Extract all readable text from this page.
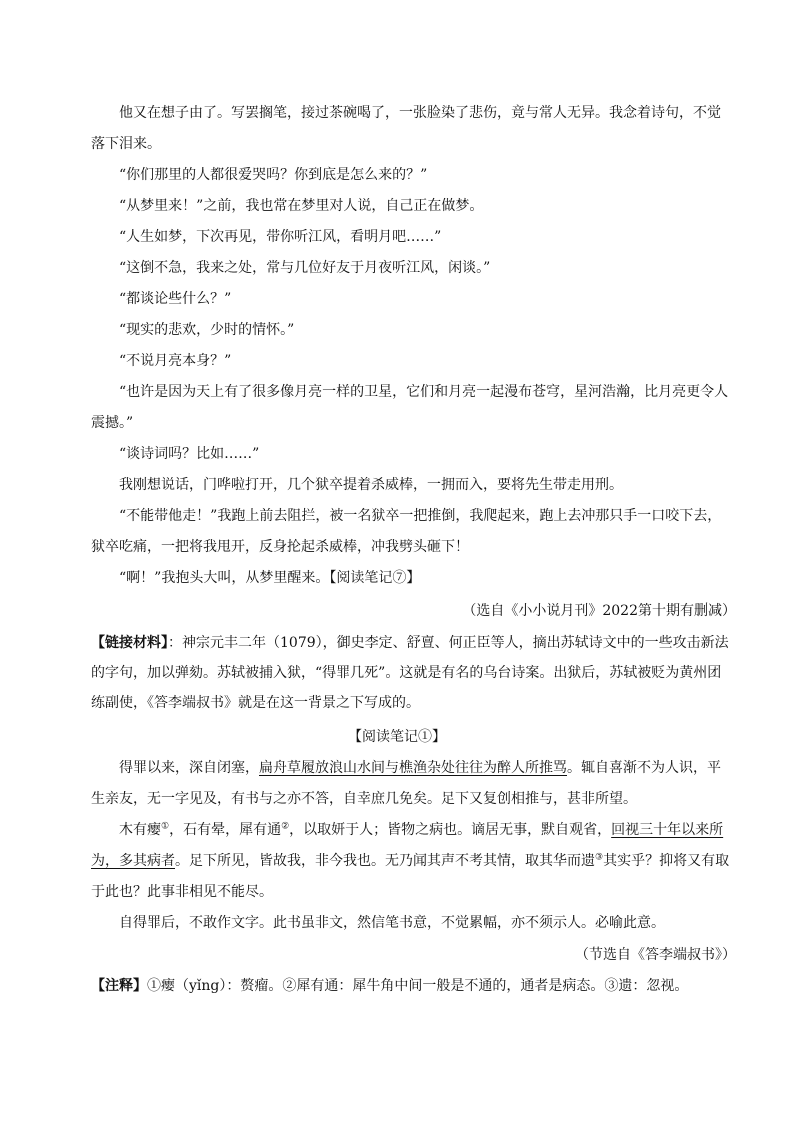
他又在想子由了。写罢搁笔，接过茶碗喝了，一张脸染了悲伤，竟与常人无异。我念着诗句，不觉落下泪来。

“你们那里的人都很爱哭吗？你到底是怎么来的？”

“从梦里来！”之前，我也常在梦里对人说，自己正在做梦。

“人生如梦，下次再见，带你听江风，看明月吧……”

“这倒不急，我来之处，常与几位好友于月夜听江风，闲谈。”

“都谈论些什么？”

“现实的悲欢，少时的情怀。”

“不说月亮本身？”

“也许是因为天上有了很多像月亮一样的卫星，它们和月亮一起漫布苍穹，星河浩瀚，比月亮更令人震撼。”

“谈诗词吗？比如……”

我刚想说话，门哗啦打开，几个狱卒提着杀威棒，一拥而入，要将先生带走用刑。

“不能带他走！”我跑上前去阻拦，被一名狱卒一把推倒，我爬起来，跑上去冲那只手一口咬下去，狱卒吃痛，一把将我甩开，反身抡起杀威棒，冲我劈头砸下！

“啊！”我抱头大叫，从梦里醒来。【阅读笔记⑦】

（选自《小小说月刊》2022第十期有删减）

【链接材料】：神宗元丰二年（1079），御史李定、舒亶、何正臣等人，摘出苏轼诗文中的一些攻击新法的字句，加以弹劾。苏轼被捕入狱，“得罪几死”。这就是有名的乌台诗案。出狱后，苏轼被贬为黄州团练副使，《答李端叔书》就是在这一背景之下写成的。

【阅读笔记①】

得罪以来，深自闭塞，扁舟草履放浪山水间与樵渔杂处往往为醉人所推骂。辄自喜渐不为人识，平生亲友，无一字见及，有书与之亦不答，自幸庶几免矣。足下又复创相推与，甚非所望。

木有瘿①，石有晕，犀有通②，以取妍于人；皆物之病也。谪居无事，默自观省，回视三十年以来所为，多其病者。足下所见，皆故我，非今我也。无乃闻其声不考其情，取其华而遗③其实乎？抑将又有取于此也？此事非相见不能尽。

自得罪后，不敢作文字。此书虽非文，然信笔书意，不觉累幅，亦不须示人。必喻此意。

（节选自《答李端叔书》）
【注释】①瘿（yǐng）：赘瘤。②犀有通：犀牛角中间一般是不通的，通者是病态。③遗：忽视。
